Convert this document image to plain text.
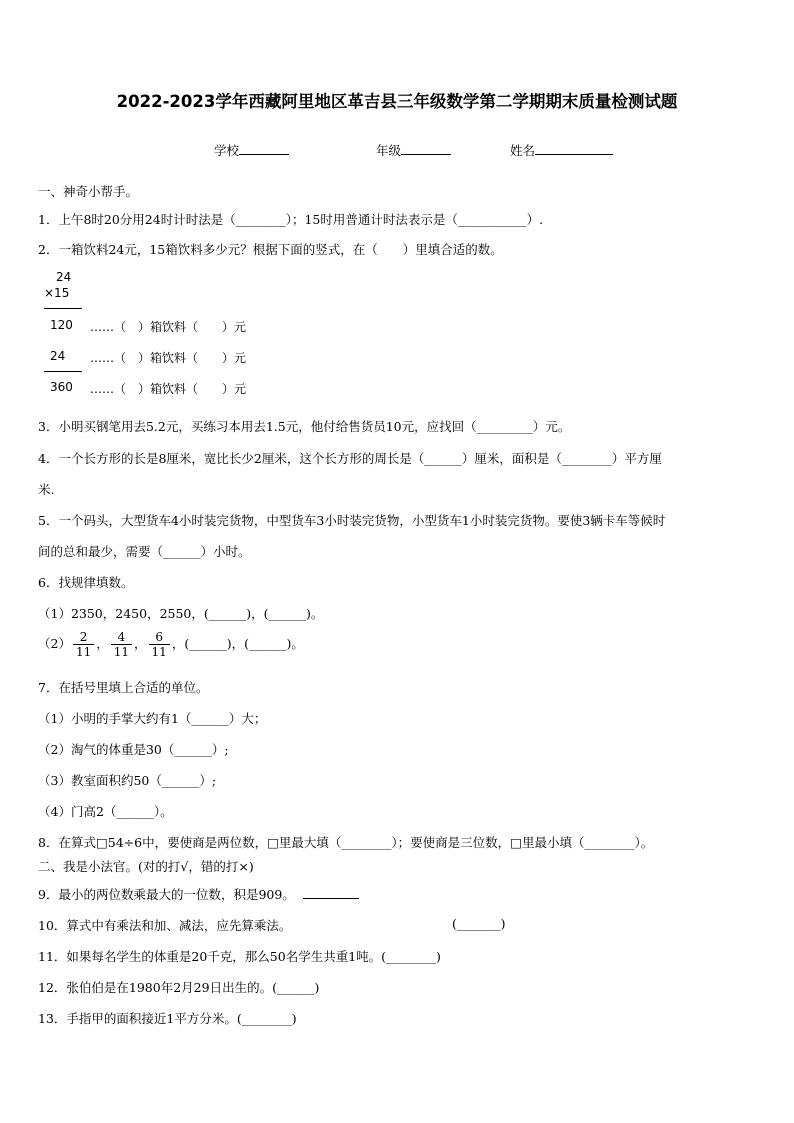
2022-2023学年西藏阿里地区革吉县三年级数学第二学期期末质量检测试题
学校	年级	姓名
一、神奇小帮手。
1．上午8时20分用24时计时法是（________）；15时用普通计时法表示是（___________）.
2．一箱饮料24元，15箱饮料多少元？根据下面的竖式，在（　　）里填合适的数。
24
×15
120 ……（　）箱饮料（　　）元
24 ……（　）箱饮料（　　）元
360 ……（　）箱饮料（　　）元
3．小明买钢笔用去5.2元，买练习本用去1.5元，他付给售货员10元，应找回（_________）元。
4．一个长方形的长是8厘米，宽比长少2厘米，这个长方形的周长是（______）厘米，面积是（________）平方厘
米.
5．一个码头，大型货车4小时装完货物，中型货车3小时装完货物，小型货车1小时装完货物。要使3辆卡车等候时
间的总和最少，需要（______）小时。
6．找规律填数。
（1）2350，2450，2550，(______)，(______)。
$(2) \frac{2}{11}$ ， $\frac{4}{11}$ ， $\frac{6}{11}$ ，(______)，(______)。
7．在括号里填上合适的单位。
（1）小明的手掌大约有1（______）大；
（2）淘气的体重是30（______）;
（3）教室面积约50（______）;
（4）门高2（______）。
8．在算式□54÷6中，要使商是两位数，□里最大填（________）；要使商是三位数，□里最小填（________）。
二、我是小法官。(对的打√，错的打×)
9．最小的两位数乘最大的一位数，积是909。
10．算式中有乘法和加、减法，应先算乘法。	(_______)
11．如果每名学生的体重是20千克，那么50名学生共重1吨。(________)
12．张伯伯是在1980年2月29日出生的。(______)
13．手指甲的面积接近1平方分米。(________)
